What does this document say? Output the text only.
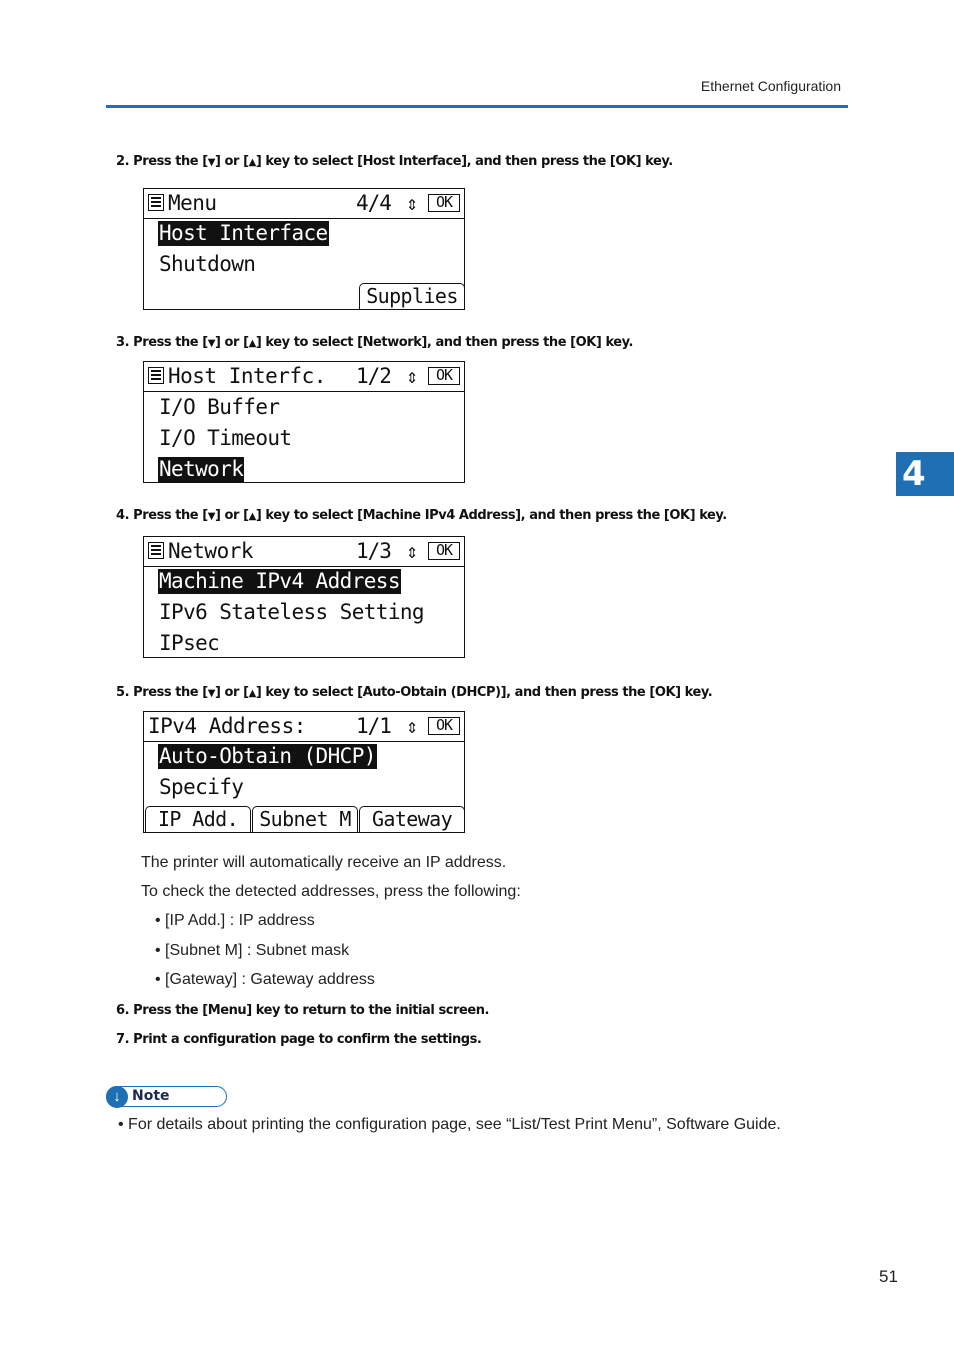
Ethernet Configuration
4
2. Press the [▼] or [▲] key to select [Host Interface], and then press the [OK] key.
Menu	4/4 ⇕	OK
Host Interface
Shutdown
Supplies
3. Press the [▼] or [▲] key to select [Network], and then press the [OK] key.
Host Interfc. 1/2 ⇕	OK
I/O Buffer
I/O Timeout
Network
4. Press the [▼] or [▲] key to select [Machine IPv4 Address], and then press the [OK] key.
Network	1/3 ⇕	OK
Machine IPv4 Address
IPv6 Stateless Setting
IPsec
5. Press the [▼] or [▲] key to select [Auto-Obtain (DHCP)], and then press the [OK] key.
IPv4 Address: 1/1 ⇕	OK
Auto-Obtain (DHCP)
Specify
IP Add.	Subnet M	Gateway
The printer will automatically receive an IP address.
To check the detected addresses, press the following:
• [IP Add.] : IP address
• [Subnet M] : Subnet mask
• [Gateway] : Gateway address
6. Press the [Menu] key to return to the initial screen.
7. Print a configuration page to confirm the settings.
↓ Note
• For details about printing the configuration page, see “List/Test Print Menu”, Software Guide.
51
